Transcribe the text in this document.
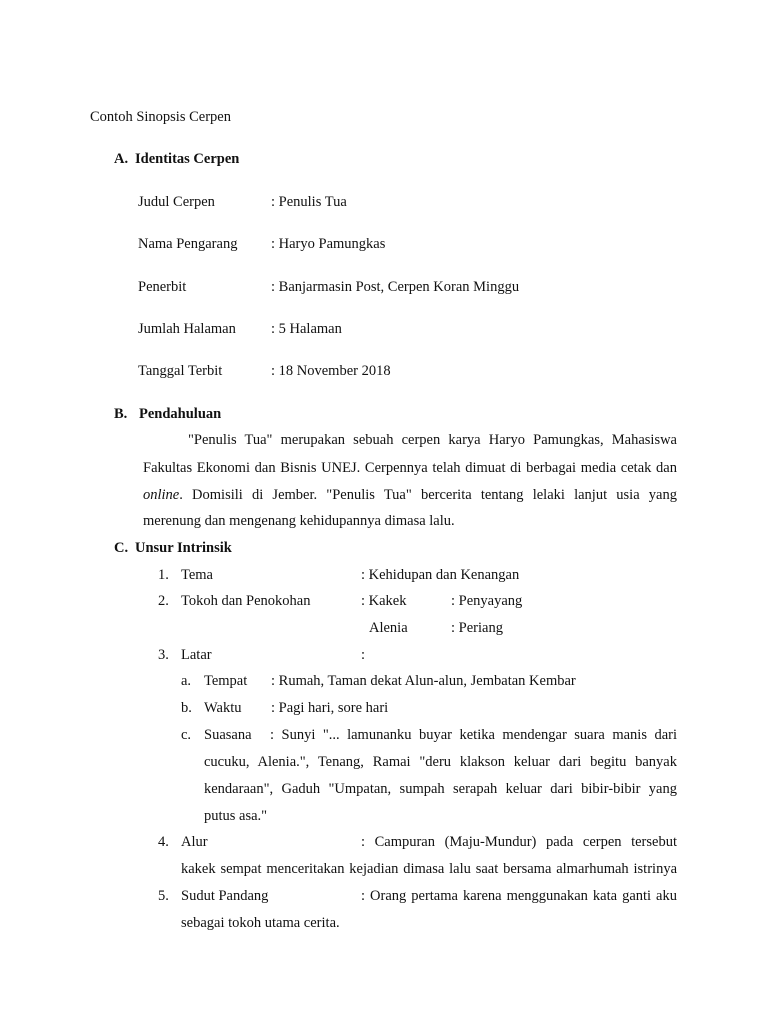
Contoh Sinopsis Cerpen
A. Identitas Cerpen
Judul Cerpen	: Penulis Tua
Nama Pengarang : Haryo Pamungkas
Penerbit	: Banjarmasin Post, Cerpen Koran Minggu
Jumlah Halaman : 5 Halaman
Tanggal Terbit	: 18 November 2018
B. Pendahuluan
"Penulis Tua" merupakan sebuah cerpen karya Haryo Pamungkas, Mahasiswa
Fakultas Ekonomi dan Bisnis UNEJ. Cerpennya telah dimuat di berbagai media cetak dan
online. Domisili di Jember. "Penulis Tua" bercerita tentang lelaki lanjut usia yang
merenung dan mengenang kehidupannya dimasa lalu.
C. Unsur Intrinsik
1. Tema	: Kehidupan dan Kenangan
2. Tokoh dan Penokohan	: Kakek	: Penyayang
Alenia	: Periang
3. Latar	:
a. Tempat : Rumah, Taman dekat Alun-alun, Jembatan Kembar
b. Waktu : Pagi hari, sore hari
c. Suasana : Sunyi "... lamunanku buyar ketika mendengar suara manis dari
cucuku, Alenia.", Tenang, Ramai "deru klakson keluar dari begitu banyak
kendaraan", Gaduh "Umpatan, sumpah serapah keluar dari bibir-bibir yang
putus asa."
4. Alur	: Campuran (Maju-Mundur) pada cerpen tersebut
kakek sempat menceritakan kejadian dimasa lalu saat bersama almarhumah istrinya
5. Sudut Pandang	: Orang pertama karena menggunakan kata ganti aku
sebagai tokoh utama cerita.
